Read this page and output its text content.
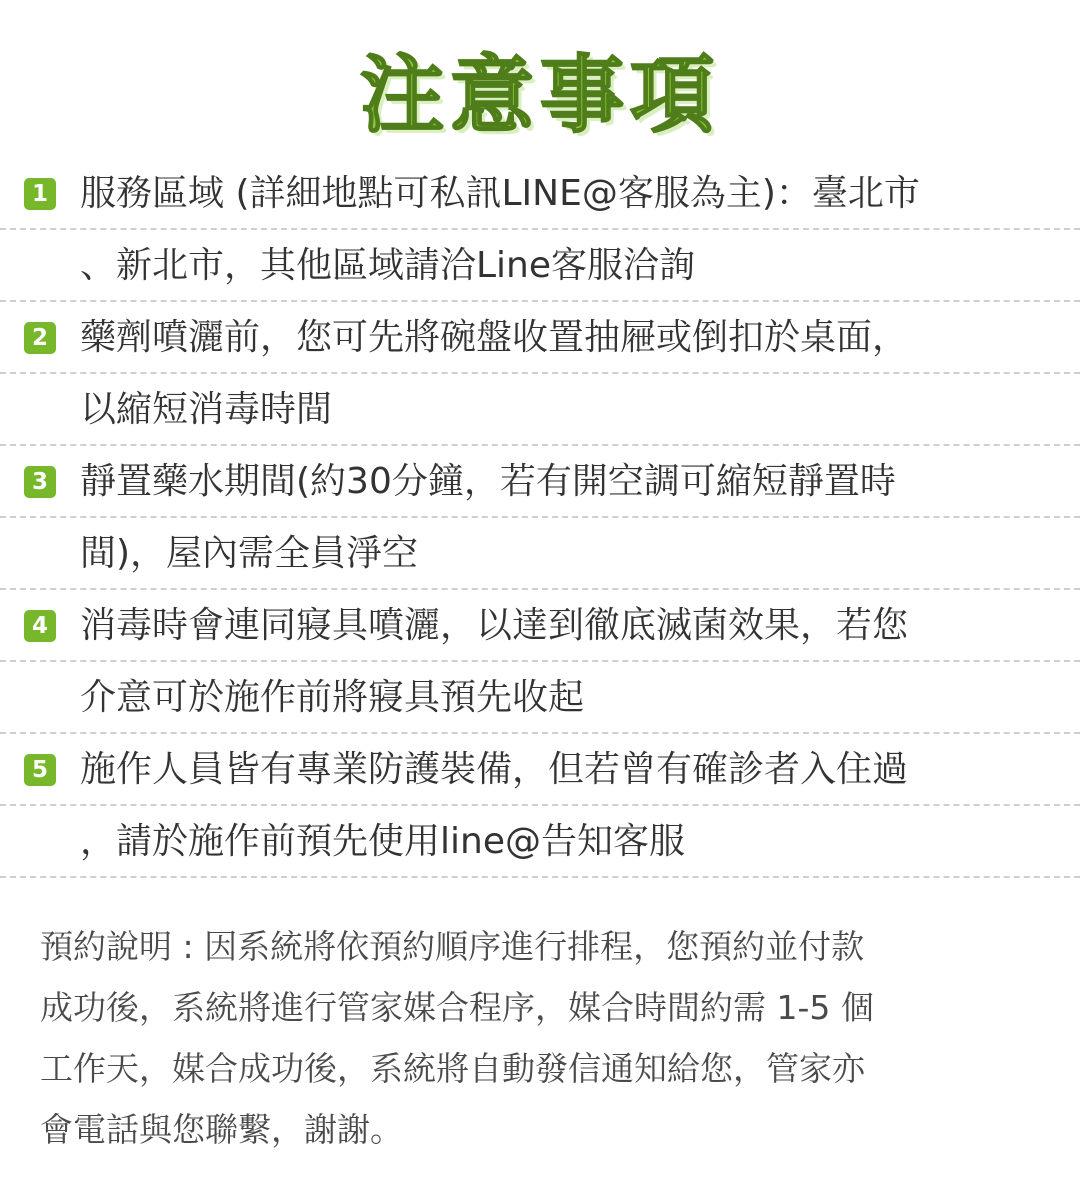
注意事項
1 服務區域 (詳細地點可私訊LINE@客服為主)：臺北市
、新北市，其他區域請洽Line客服洽詢
2 藥劑噴灑前，您可先將碗盤收置抽屜或倒扣於桌面，
以縮短消毒時間
3 靜置藥水期間(約30分鐘，若有開空調可縮短靜置時
間)，屋內需全員淨空
4 消毒時會連同寢具噴灑，以達到徹底滅菌效果，若您
介意可於施作前將寢具預先收起
5 施作人員皆有專業防護裝備，但若曾有確診者入住過
，請於施作前預先使用line@告知客服
預約說明 : 因系統將依預約順序進行排程，您預約並付款
成功後，系統將進行管家媒合程序，媒合時間約需 1-5 個
工作天，媒合成功後，系統將自動發信通知給您，管家亦
會電話與您聯繫，謝謝。
